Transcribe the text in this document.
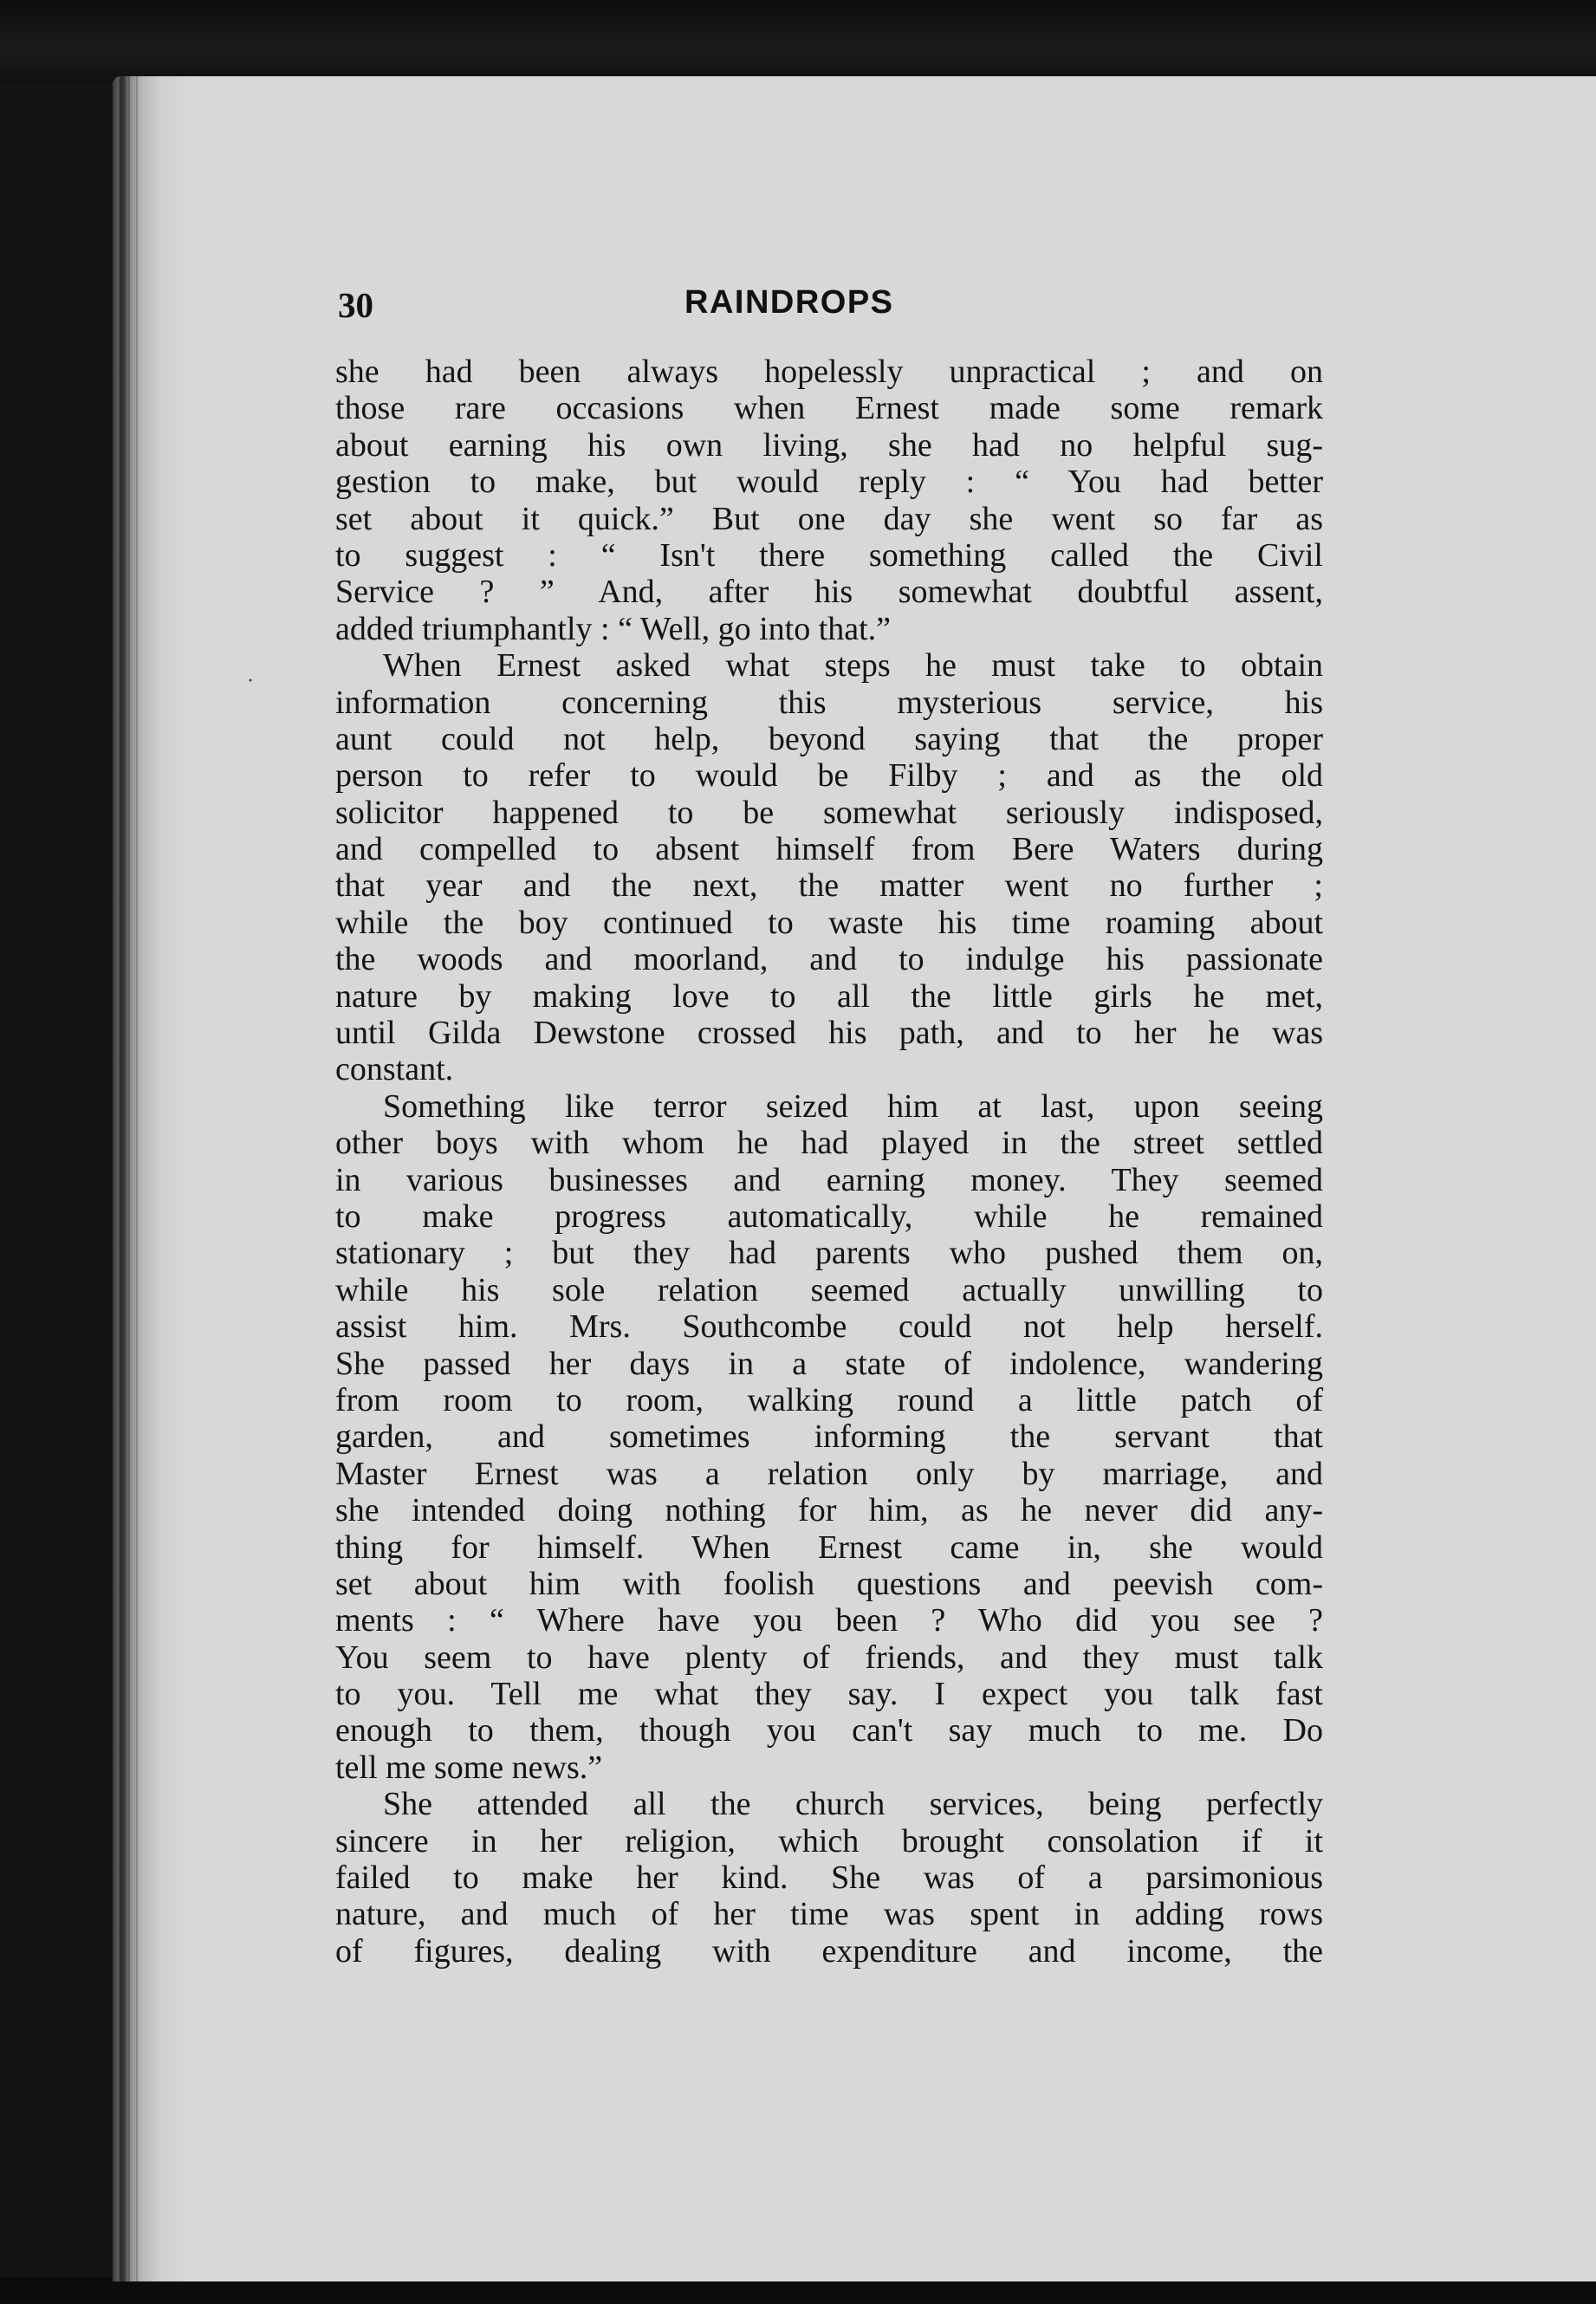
30	RAINDROPS
·
she had been always hopelessly unpractical ; and on
those rare occasions when Ernest made some remark
about earning his own living, she had no helpful sug-
gestion to make, but would reply : “ You had better
set about it quick.” But one day she went so far as
to suggest : “ Isn't there something called the Civil
Service ? ” And, after his somewhat doubtful assent,
added triumphantly : “ Well, go into that.”
When Ernest asked what steps he must take to obtain
information concerning this mysterious service, his
aunt could not help, beyond saying that the proper
person to refer to would be Filby ; and as the old
solicitor happened to be somewhat seriously indisposed,
and compelled to absent himself from Bere Waters during
that year and the next, the matter went no further ;
while the boy continued to waste his time roaming about
the woods and moorland, and to indulge his passionate
nature by making love to all the little girls he met,
until Gilda Dewstone crossed his path, and to her he was
constant.
Something like terror seized him at last, upon seeing
other boys with whom he had played in the street settled
in various businesses and earning money. They seemed
to make progress automatically, while he remained
stationary ; but they had parents who pushed them on,
while his sole relation seemed actually unwilling to
assist him. Mrs. Southcombe could not help herself.
She passed her days in a state of indolence, wandering
from room to room, walking round a little patch of
garden, and sometimes informing the servant that
Master Ernest was a relation only by marriage, and
she intended doing nothing for him, as he never did any-
thing for himself. When Ernest came in, she would
set about him with foolish questions and peevish com-
ments : “ Where have you been ? Who did you see ?
You seem to have plenty of friends, and they must talk
to you. Tell me what they say. I expect you talk fast
enough to them, though you can't say much to me. Do
tell me some news.”
She attended all the church services, being perfectly
sincere in her religion, which brought consolation if it
failed to make her kind. She was of a parsimonious
nature, and much of her time was spent in adding rows
of figures, dealing with expenditure and income, the
